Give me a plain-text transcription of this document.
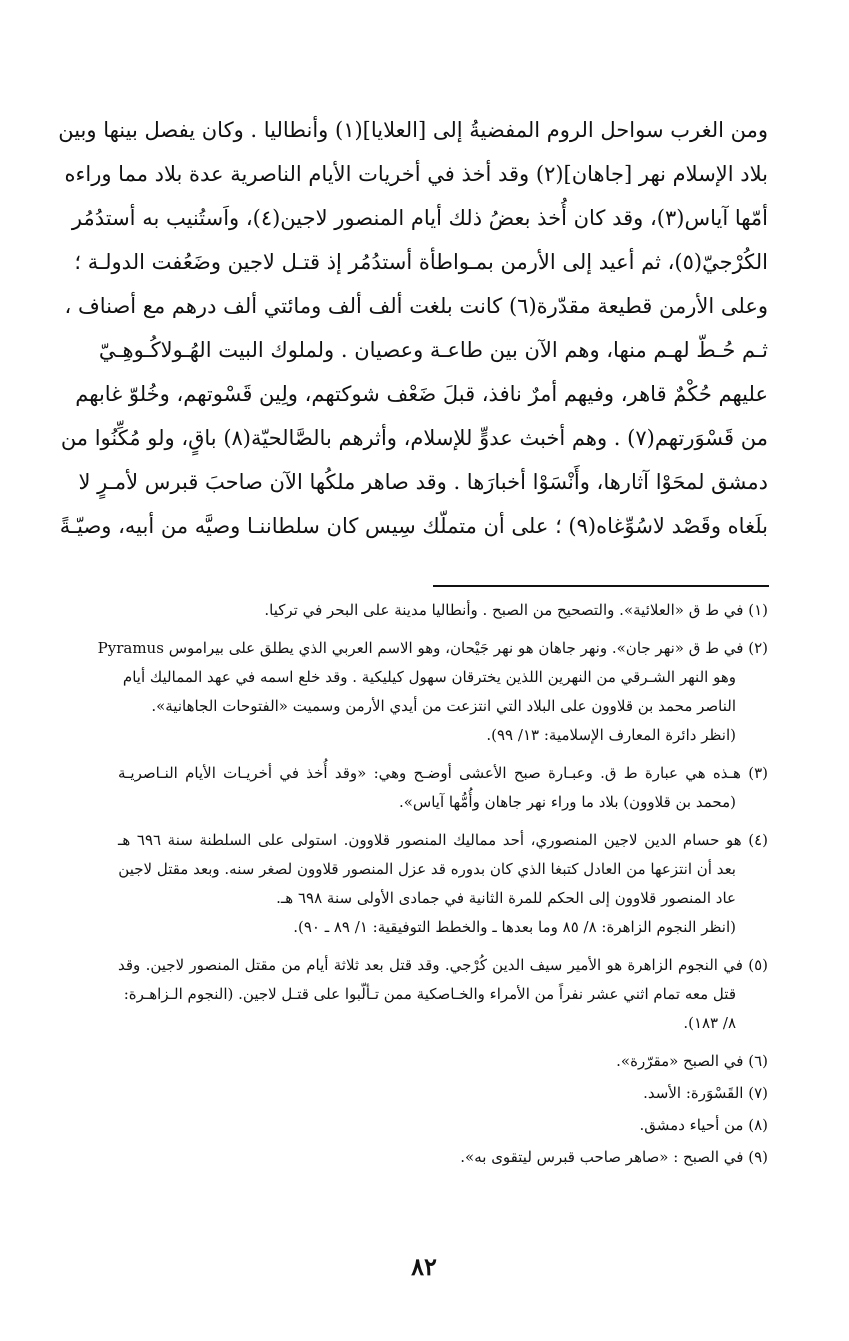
ومن الغرب سواحل الروم المفضيةُ إلى [العلايا](١) وأنطاليا . وكان يفصل بينها وبين
بلاد الإسلام نهر [جاهان](٢) وقد أخذ في أخريات الأيام الناصرية عدة بلاد مما وراءه
أمّها آياس(٣)، وقد كان أُخذ بعضُ ذلك أيام المنصور لاجين(٤)، واَستُنيب به أستدُمُر
الكُرْجيّ(٥)، ثم أعيد إلى الأرمن بمـواطأة أستدُمُر إذ قتـل لاجين وضَعُفت الدولـة ؛
وعلى الأرمن قطيعة مقدّرة(٦) كانت بلغت ألف ألف ومائتي ألف درهم مع أصناف ،
ثـم حُـطّ لهـم منها، وهم الآن بين طاعـة وعصيان . ولملوك البيت الهُـولاكُـوهِـيّ
عليهم حُكْمٌ قاهر، وفيهم أمرٌ نافذ، قبلَ ضَعْف شوكتهم، ولِين قَسْوتهم، وخُلوّ غابهم
من قَسْوَرتهم(٧) . وهم أخبث عدوٍّ للإسلام، وأثرهم بالصَّالحيّة(٨) باقٍ، ولو مُكِّنُوا من
دمشق لمحَوْا آثارها، وأَنْسَوْا أخبارَها . وقد صاهر ملكُها الآن صاحبَ قبرس لأمـرٍ لا
بلَغاه وقَصْد لاسُوِّغاه(٩) ؛ على أن متملّك سِيس كان سلطاننـا وصيَّه من أبيه، وصيّـةً
(١) في ط ق «العلائية». والتصحيح من الصبح . وأنطاليا مدينة على البحر في تركيا.
(٢) في ط ق «نهر جان». ونهر جاهان هو نهر جَيْحان، وهو الاسم العربي الذي يطلق على بيراموس Pyramus
وهو النهر الشـرقي من النهرين اللذين يخترقان سهول كيليكية . وقد خلع اسمه في عهد المماليك أيام
الناصر محمد بن قلاوون على البلاد التي انتزعت من أيدي الأرمن وسميت «الفتوحات الجاهانية».
(انظر دائرة المعارف الإسلامية: ١٣/ ٩٩).
(٣) هـذه هي عبارة ط ق. وعبـارة صبح الأعشى أوضـح وهي: «وقد أُخذ في أخريـات الأيام النـاصريـة
(محمد بن قلاوون) بلاد ما وراء نهر جاهان وأُمُّها آياس».
(٤) هو حسام الدين لاجين المنصوري، أحد مماليك المنصور قلاوون. استولى على السلطنة سنة ٦٩٦ هـ
بعد أن انتزعها من العادل كتبغا الذي كان بدوره قد عزل المنصور قلاوون لصغر سنه. وبعد مقتل لاجين
عاد المنصور قلاوون إلى الحكم للمرة الثانية في جمادى الأولى سنة ٦٩٨ هـ.
(انظر النجوم الزاهرة: ٨/ ٨٥ وما بعدها ـ والخطط التوفيقية: ١/ ٨٩ ـ ٩٠).
(٥) في النجوم الزاهرة هو الأمير سيف الدين كُرْجي. وقد قتل بعد ثلاثة أيام من مقتل المنصور لاجين. وقد
قتل معه تمام اثني عشر نفراً من الأمراء والخـاصكية ممن تـألّبوا على قتـل لاجين. (النجوم الـزاهـرة:
٨/ ١٨٣).
(٦) في الصبح «مقرّرة».
(٧) القَسْوَرة: الأسد.
(٨) من أحياء دمشق.
(٩) في الصبح : «صاهر صاحب قبرس ليتقوى به».
٨٢
